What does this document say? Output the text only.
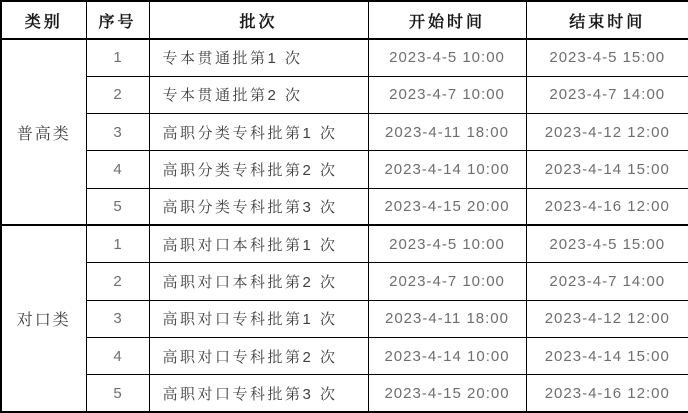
类别	序号	批次	开始时间	结束时间
普高类	1	专本贯通批第1 次	2023-4-5 10:00	2023-4-5 15:00
	2	专本贯通批第2 次	2023-4-7 10:00	2023-4-7 14:00
	3	高职分类专科批第1 次	2023-4-11 18:00	2023-4-12 12:00
	4	高职分类专科批第2 次	2023-4-14 10:00	2023-4-14 15:00
	5	高职分类专科批第3 次	2023-4-15 20:00	2023-4-16 12:00
对口类	1	高职对口本科批第1 次	2023-4-5 10:00	2023-4-5 15:00
	2	高职对口本科批第2 次	2023-4-7 10:00	2023-4-7 14:00
	3	高职对口专科批第1 次	2023-4-11 18:00	2023-4-12 12:00
	4	高职对口专科批第2 次	2023-4-14 10:00	2023-4-14 15:00
	5	高职对口专科批第3 次	2023-4-15 20:00	2023-4-16 12:00
